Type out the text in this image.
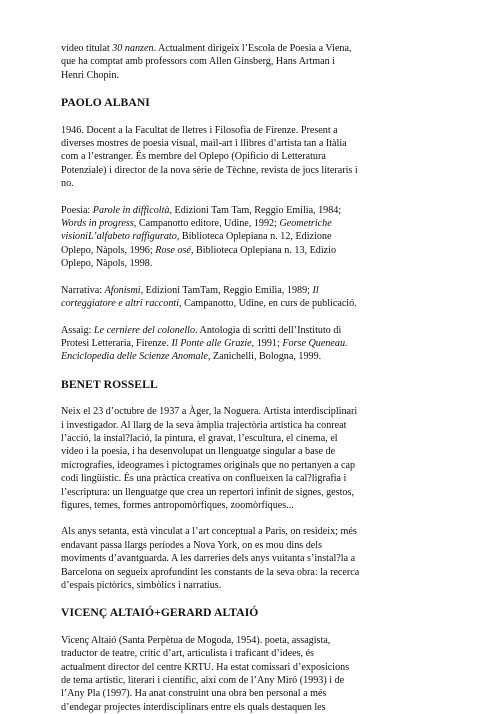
vídeo titulat 30 nanzen. Actualment dirigeix l’Escola de Poesia a Viena,

que ha comptat amb professors com Allen Ginsberg, Hans Artman i

Henri Chopin.

PAOLO ALBANI

1946. Docent a la Facultat de lletres i Filosofia de Firenze. Present a

diverses mostres de poesia visual, mail-art i llibres d’artista tan a Itàlia

com a l’estranger. És membre del Oplepo (Opificio di Letteratura

Potenziale) i director de la nova sèrie de Tèchne, revista de jocs literaris i

no.

Poesia: Parole in difficoltà, Edizioni Tam Tam, Reggio Emilia, 1984;

Words in progress, Campanotto editore, Udine, 1992; Geometriche

visioniL’alfabeto raffigurato, Biblioteca Oplepiana n. 12, Edizione

Oplepo, Nàpols, 1996; Rose osé, Biblioteca Oplepiana n. 13, Edizio

Oplepo, Nàpols, 1998.

Narrativa: Afonismi, Edizioni TamTam, Reggio Emilia, 1989; Il

corteggiatore e altri racconti, Campanotto, Udine, en curs de publicació.

Assaig: Le cerniere del colonello. Antologia di scritti dell’Instituto di

Protesi Letteraria, Firenze. Il Ponte alle Grazie, 1991; Forse Queneau.

Enciclopedia delle Scienze Anomale, Zanichelli, Bologna, 1999.

BENET ROSSELL

Neix el 23 d’octubre de 1937 a Àger, la Noguera. Artista interdisciplinari

i investigador. Al llarg de la seva àmplia trajectòria artística ha conreat

l’acció, la instal?lació, la pintura, el gravat, l’escultura, el cinema, el

vídeo i la poesia, i ha desenvolupat un llenguatge singular a base de

micrografies, ideogrames i pictogrames originals que no pertanyen a cap

codi lingüístic. És una pràctica creativa on conflueixen la cal?ligrafia i

l’escriptura: un llenguatge que crea un repertori infinit de signes, gestos,

figures, temes, formes antropomòrfiques, zoomòrfiques...

Als anys setanta, està vinculat a l’art conceptual a Paris, on resideix; més

endavant passa llargs períodes a Nova York, on es mou dins dels

moviments d’avantguarda. A les darreries dels anys vuitanta s’instal?la a

Barcelona on segueix aprofundint les constants de la seva obra: la recerca

d’espais pictòrics, simbòlics i narratius.

VICENÇ ALTAIÓ+GERARD ALTAIÓ

Vicenç Altaió (Santa Perpètua de Mogoda, 1954). poeta, assagista,

traductor de teatre, crític d’art, articulista i traficant d’idees, és

actualment director del centre KRTU. Ha estat comissari d’exposicions

de tema artístic, literari i científic, així com de l’Any Miró (1993) i de

l’Any Pla (1997). Ha anat construint una obra ben personal a més

d’endegar projectes interdisciplinars entre els quals destaquen les
